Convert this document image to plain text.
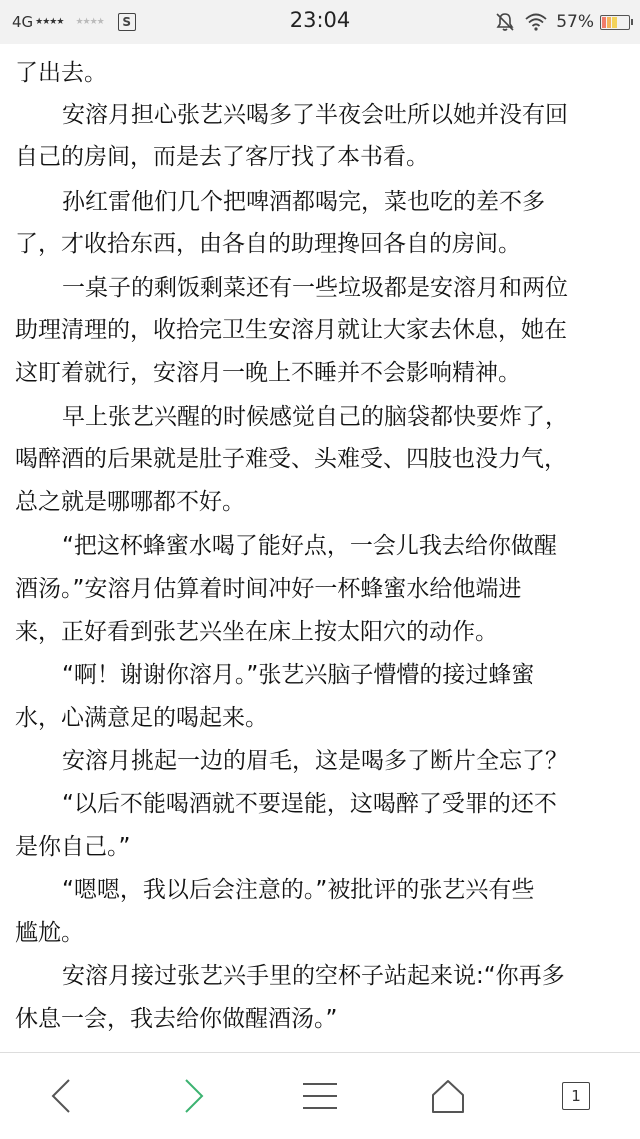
4G ★★★★ ★★★★	S	23:04	57%
了出去。
安溶月担心张艺兴喝多了半夜会吐所以她并没有回
自己的房间，而是去了客厅找了本书看。
孙红雷他们几个把啤酒都喝完，菜也吃的差不多
了，才收拾东西，由各自的助理搀回各自的房间。
一桌子的剩饭剩菜还有一些垃圾都是安溶月和两位
助理清理的，收拾完卫生安溶月就让大家去休息，她在
这盯着就行，安溶月一晚上不睡并不会影响精神。
早上张艺兴醒的时候感觉自己的脑袋都快要炸了，
喝醉酒的后果就是肚子难受、头难受、四肢也没力气，
总之就是哪哪都不好。
“把这杯蜂蜜水喝了能好点，一会儿我去给你做醒
酒汤。”安溶月估算着时间冲好一杯蜂蜜水给他端进
来，正好看到张艺兴坐在床上按太阳穴的动作。
“啊！谢谢你溶月。”张艺兴脑子懵懵的接过蜂蜜
水，心满意足的喝起来。
安溶月挑起一边的眉毛，这是喝多了断片全忘了？
“以后不能喝酒就不要逞能，这喝醉了受罪的还不
是你自己。”
“嗯嗯，我以后会注意的。”被批评的张艺兴有些
尴尬。
安溶月接过张艺兴手里的空杯子站起来说:“你再多
休息一会，我去给你做醒酒汤。”
1
